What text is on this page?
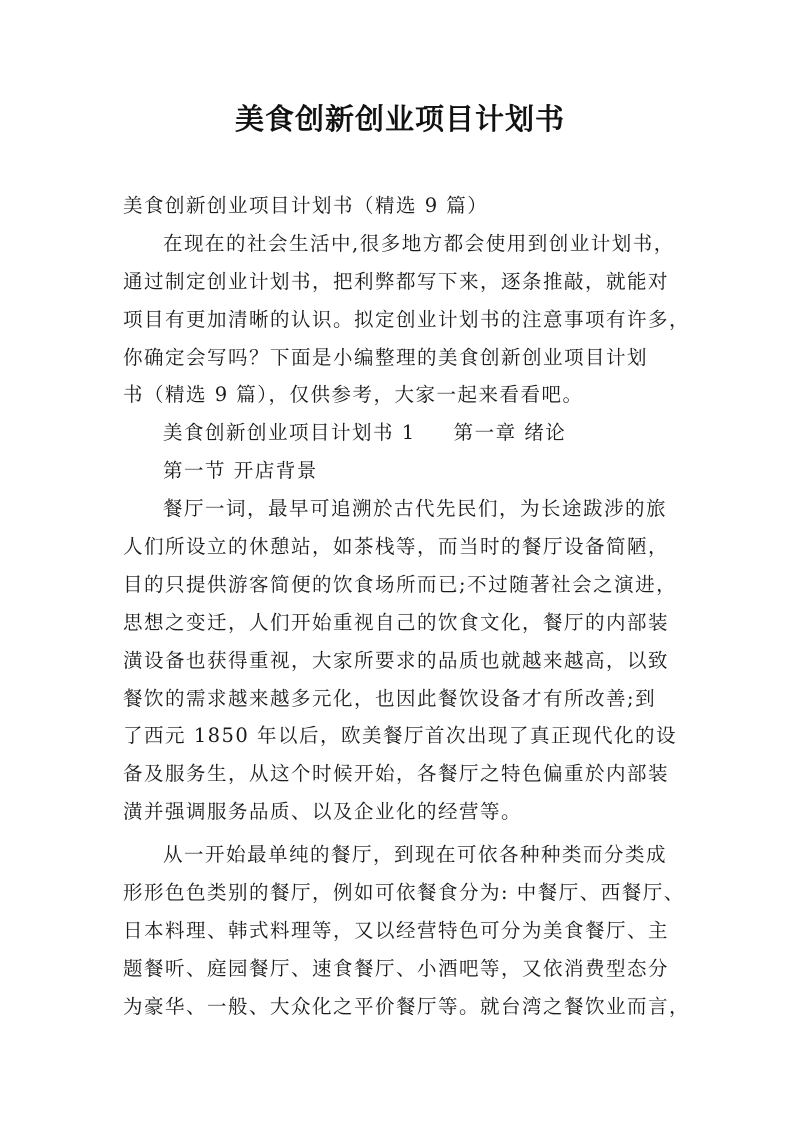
美食创新创业项目计划书
美食创新创业项目计划书（精选 9 篇）
在现在的社会生活中,很多地方都会使用到创业计划书，
通过制定创业计划书，把利弊都写下来，逐条推敲，就能对
项目有更加清晰的认识。拟定创业计划书的注意事项有许多，
你确定会写吗？下面是小编整理的美食创新创业项目计划
书（精选 9 篇），仅供参考，大家一起来看看吧。
美食创新创业项目计划书 1 第一章 绪论
第一节 开店背景
餐厅一词，最早可追溯於古代先民们，为长途跋涉的旅
人们所设立的休憩站，如茶栈等，而当时的餐厅设备简陋，
目的只提供游客简便的饮食场所而已;不过随著社会之演进，
思想之变迁，人们开始重视自己的饮食文化，餐厅的内部装
潢设备也获得重视，大家所要求的品质也就越来越高，以致
餐饮的需求越来越多元化，也因此餐饮设备才有所改善;到
了西元 1850 年以后，欧美餐厅首次出现了真正现代化的设
备及服务生，从这个时候开始，各餐厅之特色偏重於内部装
潢并强调服务品质、以及企业化的经营等。
从一开始最单纯的餐厅，到现在可依各种种类而分类成
形形色色类别的餐厅，例如可依餐食分为: 中餐厅、西餐厅、
日本料理、韩式料理等，又以经营特色可分为美食餐厅、主
题餐听、庭园餐厅、速食餐厅、小酒吧等，又依消费型态分
为豪华、一般、大众化之平价餐厅等。就台湾之餐饮业而言，
